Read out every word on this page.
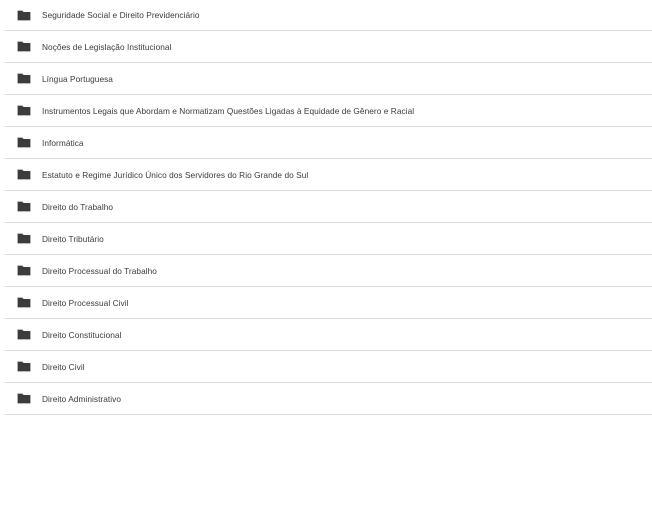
Seguridade Social e Direito Previdenciário
Noções de Legislação Institucional
Língua Portuguesa
Instrumentos Legais que Abordam e Normatizam Questões Ligadas à Equidade de Gênero e Racial
Informática
Estatuto e Regime Jurídico Único dos Servidores do Rio Grande do Sul
Direito do Trabalho
Direito Tributário
Direito Processual do Trabalho
Direito Processual Civil
Direito Constitucional
Direito Civil
Direito Administrativo
